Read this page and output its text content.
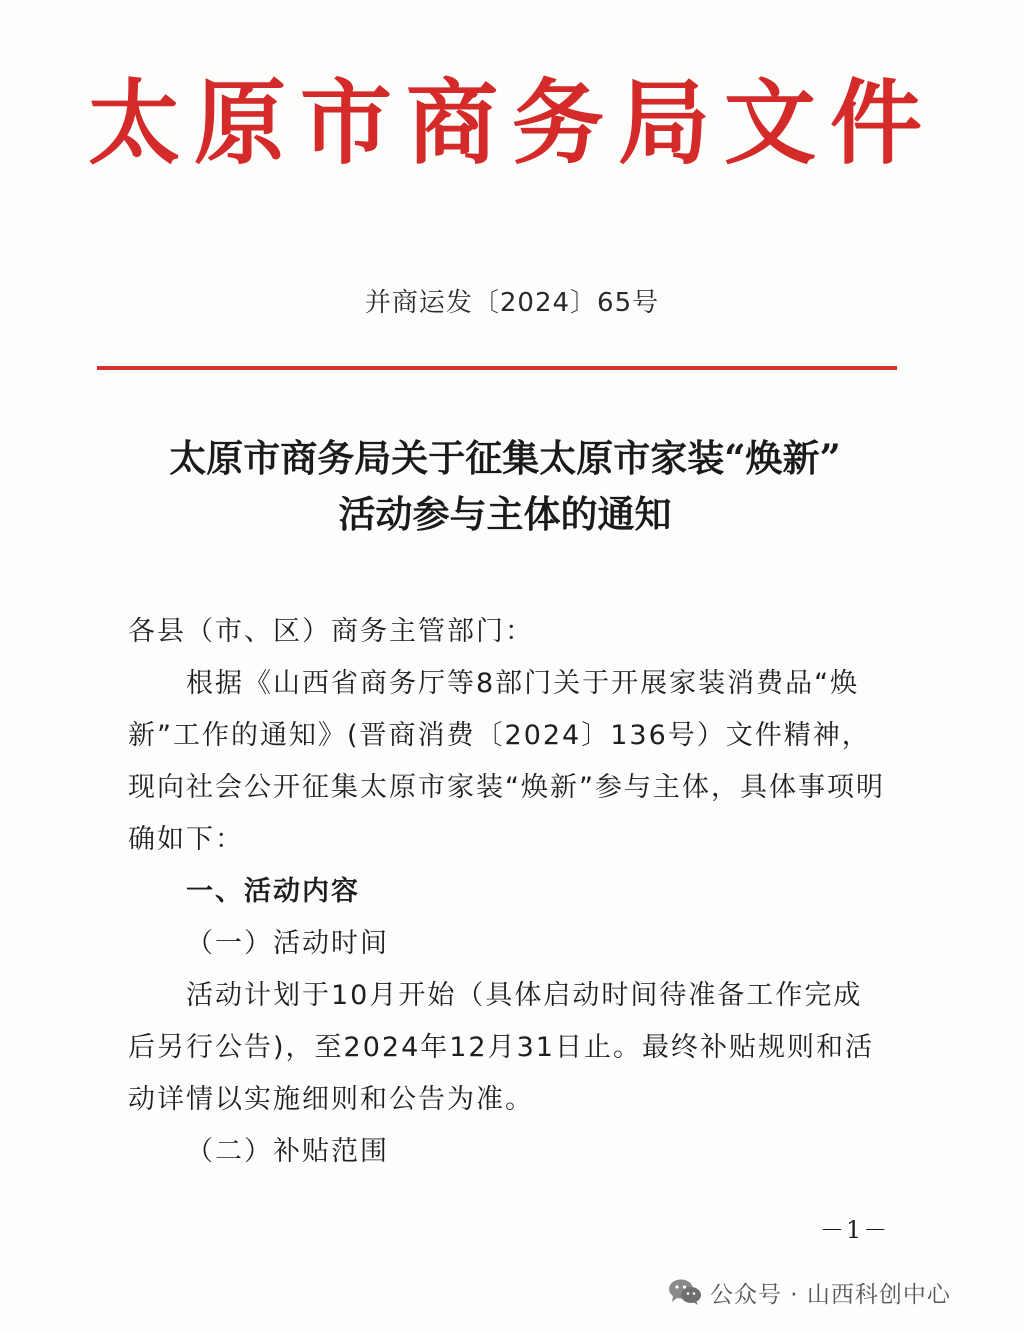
太原市商务局文件
并商运发〔2024〕65号
太原市商务局关于征集太原市家装“焕新”
活动参与主体的通知

各县（市、区）商务主管部门：

根据《山西省商务厅等8部门关于开展家装消费品“焕新”工作的通知》(晋商消费〔2024〕136号）文件精神，现向社会公开征集太原市家装“焕新”参与主体，具体事项明确如下：

一、活动内容

（一）活动时间

活动计划于10月开始（具体启动时间待准备工作完成后另行公告)，至2024年12月31日止。最终补贴规则和活动详情以实施细则和公告为准。

（二）补贴范围

－1－
公众号 · 山西科创中心
